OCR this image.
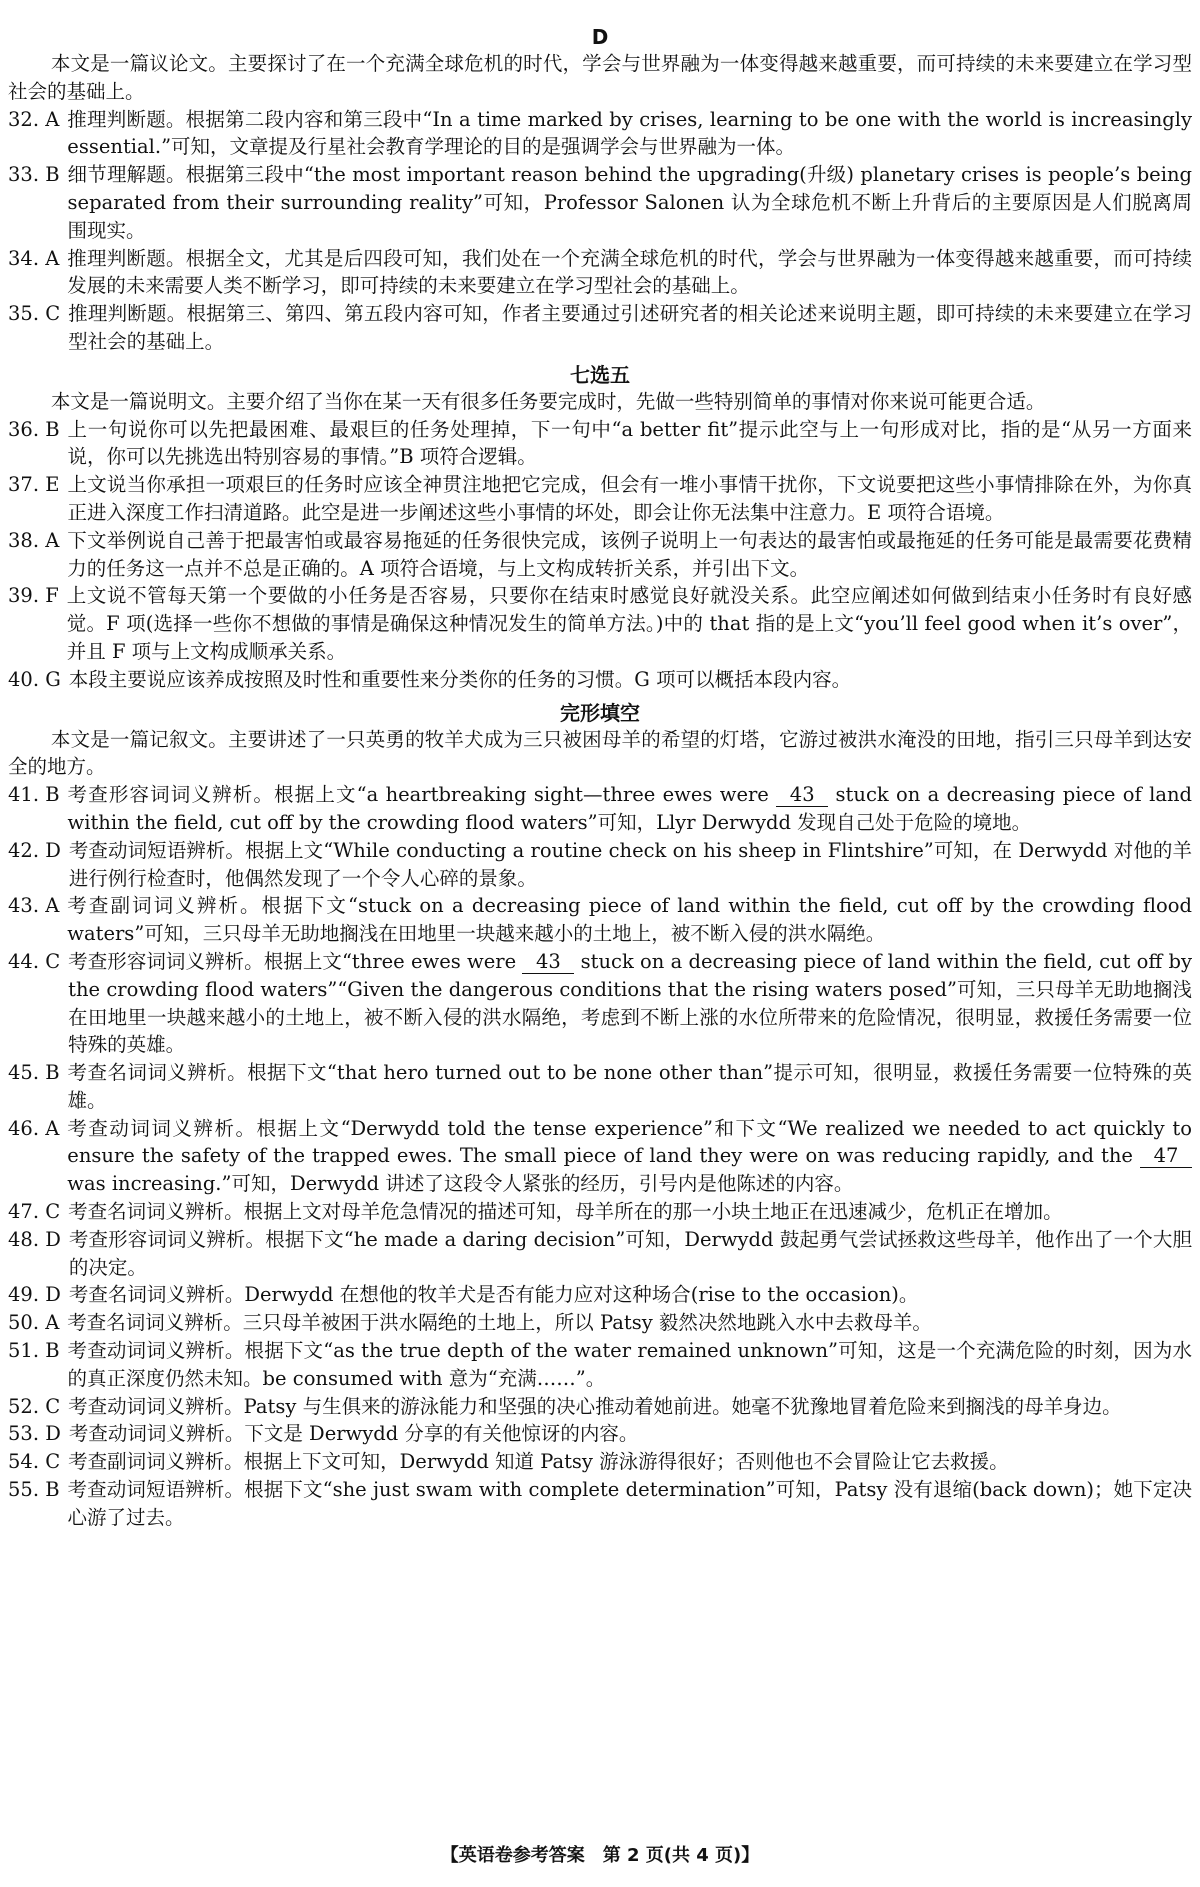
D

本文是一篇议论文。主要探讨了在一个充满全球危机的时代，学会与世界融为一体变得越来越重要，而可持续的未来要建立在学习型社会的基础上。

32. A 推理判断题。根据第二段内容和第三段中“In a time marked by crises, learning to be one with the world is increasingly essential.”可知，文章提及行星社会教育学理论的目的是强调学会与世界融为一体。
33. B 细节理解题。根据第三段中“the most important reason behind the upgrading(升级) planetary crises is people’s being separated from their surrounding reality”可知，Professor Salonen 认为全球危机不断上升背后的主要原因是人们脱离周围现实。
34. A 推理判断题。根据全文，尤其是后四段可知，我们处在一个充满全球危机的时代，学会与世界融为一体变得越来越重要，而可持续发展的未来需要人类不断学习，即可持续的未来要建立在学习型社会的基础上。
35. C 推理判断题。根据第三、第四、第五段内容可知，作者主要通过引述研究者的相关论述来说明主题，即可持续的未来要建立在学习型社会的基础上。
七选五

本文是一篇说明文。主要介绍了当你在某一天有很多任务要完成时，先做一些特别简单的事情对你来说可能更合适。

36. B 上一句说你可以先把最困难、最艰巨的任务处理掉，下一句中“a better fit”提示此空与上一句形成对比，指的是“从另一方面来说，你可以先挑选出特别容易的事情。”B 项符合逻辑。
37. E 上文说当你承担一项艰巨的任务时应该全神贯注地把它完成，但会有一堆小事情干扰你，下文说要把这些小事情排除在外，为你真正进入深度工作扫清道路。此空是进一步阐述这些小事情的坏处，即会让你无法集中注意力。E 项符合语境。
38. A 下文举例说自己善于把最害怕或最容易拖延的任务很快完成，该例子说明上一句表达的最害怕或最拖延的任务可能是最需要花费精力的任务这一点并不总是正确的。A 项符合语境，与上文构成转折关系，并引出下文。
39. F 上文说不管每天第一个要做的小任务是否容易，只要你在结束时感觉良好就没关系。此空应阐述如何做到结束小任务时有良好感觉。F 项(选择一些你不想做的事情是确保这种情况发生的简单方法。)中的 that 指的是上文“you’ll feel good when it’s over”，并且 F 项与上文构成顺承关系。
40. G 本段主要说应该养成按照及时性和重要性来分类你的任务的习惯。G 项可以概括本段内容。
完形填空

本文是一篇记叙文。主要讲述了一只英勇的牧羊犬成为三只被困母羊的希望的灯塔，它游过被洪水淹没的田地，指引三只母羊到达安全的地方。

41. B 考查形容词词义辨析。根据上文“a heartbreaking sight—three ewes were 43 stuck on a decreasing piece of land within the field, cut off by the crowding flood waters”可知，Llyr Derwydd 发现自己处于危险的境地。
42. D 考查动词短语辨析。根据上文“While conducting a routine check on his sheep in Flintshire”可知，在 Derwydd 对他的羊进行例行检查时，他偶然发现了一个令人心碎的景象。
43. A 考查副词词义辨析。根据下文“stuck on a decreasing piece of land within the field, cut off by the crowding flood waters”可知，三只母羊无助地搁浅在田地里一块越来越小的土地上，被不断入侵的洪水隔绝。
44. C 考查形容词词义辨析。根据上文“three ewes were 43 stuck on a decreasing piece of land within the field, cut off by the crowding flood waters”“Given the dangerous conditions that the rising waters posed”可知，三只母羊无助地搁浅在田地里一块越来越小的土地上，被不断入侵的洪水隔绝，考虑到不断上涨的水位所带来的危险情况，很明显，救援任务需要一位特殊的英雄。
45. B 考查名词词义辨析。根据下文“that hero turned out to be none other than”提示可知，很明显，救援任务需要一位特殊的英雄。
46. A 考查动词词义辨析。根据上文“Derwydd told the tense experience”和下文“We realized we needed to act quickly to ensure the safety of the trapped ewes. The small piece of land they were on was reducing rapidly, and the 47 was increasing.”可知，Derwydd 讲述了这段令人紧张的经历，引号内是他陈述的内容。
47. C 考查名词词义辨析。根据上文对母羊危急情况的描述可知，母羊所在的那一小块土地正在迅速减少，危机正在增加。
48. D 考查形容词词义辨析。根据下文“he made a daring decision”可知，Derwydd 鼓起勇气尝试拯救这些母羊，他作出了一个大胆的决定。
49. D 考查名词词义辨析。Derwydd 在想他的牧羊犬是否有能力应对这种场合(rise to the occasion)。
50. A 考查名词词义辨析。三只母羊被困于洪水隔绝的土地上，所以 Patsy 毅然决然地跳入水中去救母羊。
51. B 考查动词词义辨析。根据下文“as the true depth of the water remained unknown”可知，这是一个充满危险的时刻，因为水的真正深度仍然未知。be consumed with 意为“充满……”。
52. C 考查动词词义辨析。Patsy 与生俱来的游泳能力和坚强的决心推动着她前进。她毫不犹豫地冒着危险来到搁浅的母羊身边。
53. D 考查动词词义辨析。下文是 Derwydd 分享的有关他惊讶的内容。
54. C 考查副词词义辨析。根据上下文可知，Derwydd 知道 Patsy 游泳游得很好；否则他也不会冒险让它去救援。
55. B 考查动词短语辨析。根据下文“she just swam with complete determination”可知，Patsy 没有退缩(back down)；她下定决心游了过去。
【英语卷参考答案　第 2 页(共 4 页)】
